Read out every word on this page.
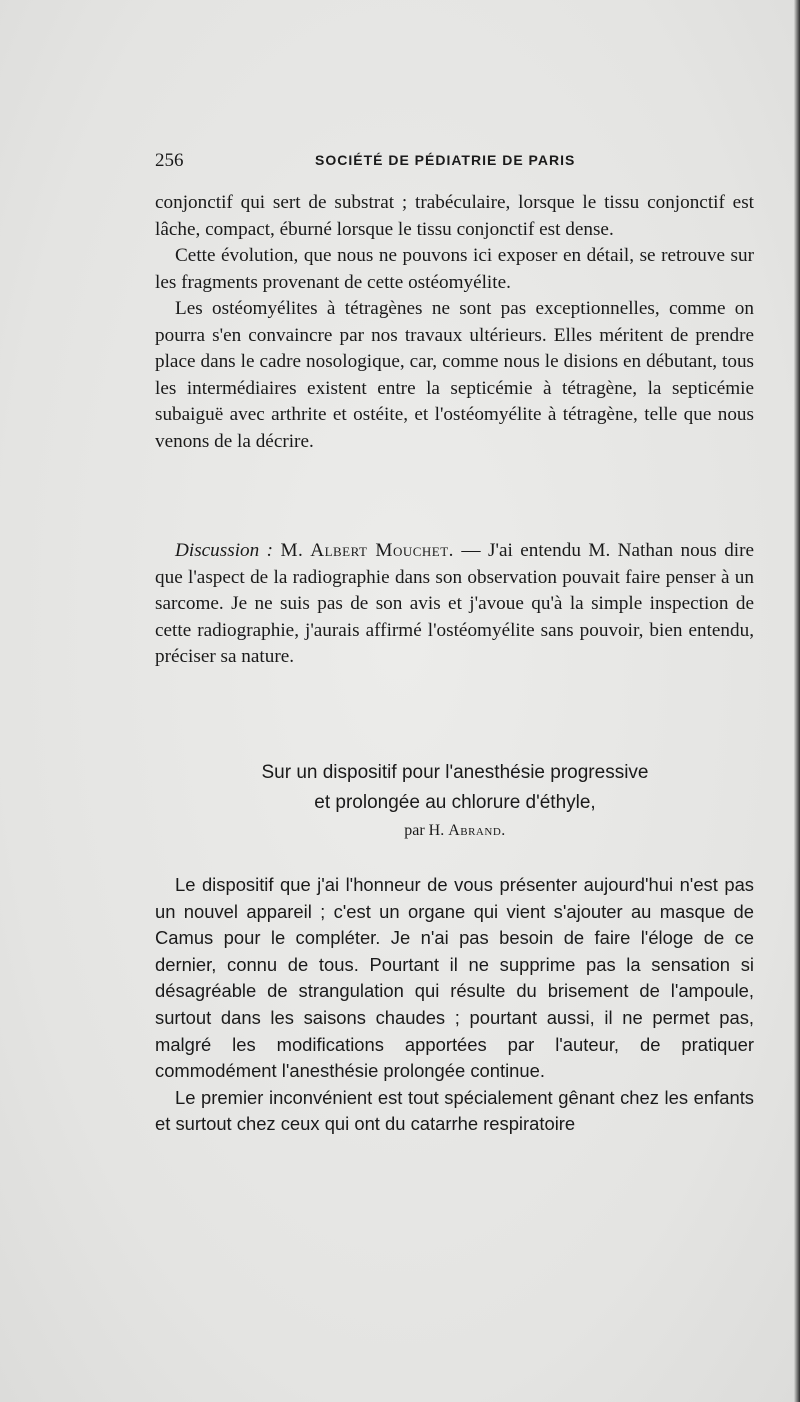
256	SOCIÉTÉ DE PÉDIATRIE DE PARIS

conjonctif qui sert de substrat ; trabéculaire, lorsque le tissu conjonctif est lâche, compact, éburné lorsque le tissu conjonctif est dense.

Cette évolution, que nous ne pouvons ici exposer en détail, se retrouve sur les fragments provenant de cette ostéomyélite.

Les ostéomyélites à tétragènes ne sont pas exceptionnelles, comme on pourra s'en convaincre par nos travaux ultérieurs. Elles méritent de prendre place dans le cadre nosologique, car, comme nous le disions en débutant, tous les intermédiaires existent entre la septicémie à tétragène, la septicémie subaiguë avec arthrite et ostéite, et l'ostéomyélite à tétragène, telle que nous venons de la décrire.

Discussion : M. Albert Mouchet. — J'ai entendu M. Nathan nous dire que l'aspect de la radiographie dans son observation pouvait faire penser à un sarcome. Je ne suis pas de son avis et j'avoue qu'à la simple inspection de cette radiographie, j'aurais affirmé l'ostéomyélite sans pouvoir, bien entendu, préciser sa nature.

Sur un dispositif pour l'anesthésie progressive
et prolongée au chlorure d'éthyle,
par H. Abrand.

Le dispositif que j'ai l'honneur de vous présenter aujourd'hui n'est pas un nouvel appareil ; c'est un organe qui vient s'ajouter au masque de Camus pour le compléter. Je n'ai pas besoin de faire l'éloge de ce dernier, connu de tous. Pourtant il ne supprime pas la sensation si désagréable de strangulation qui résulte du brisement de l'ampoule, surtout dans les saisons chaudes ; pourtant aussi, il ne permet pas, malgré les modifications apportées par l'auteur, de pratiquer commodément l'anesthésie prolongée continue.

Le premier inconvénient est tout spécialement gênant chez les enfants et surtout chez ceux qui ont du catarrhe respiratoire
